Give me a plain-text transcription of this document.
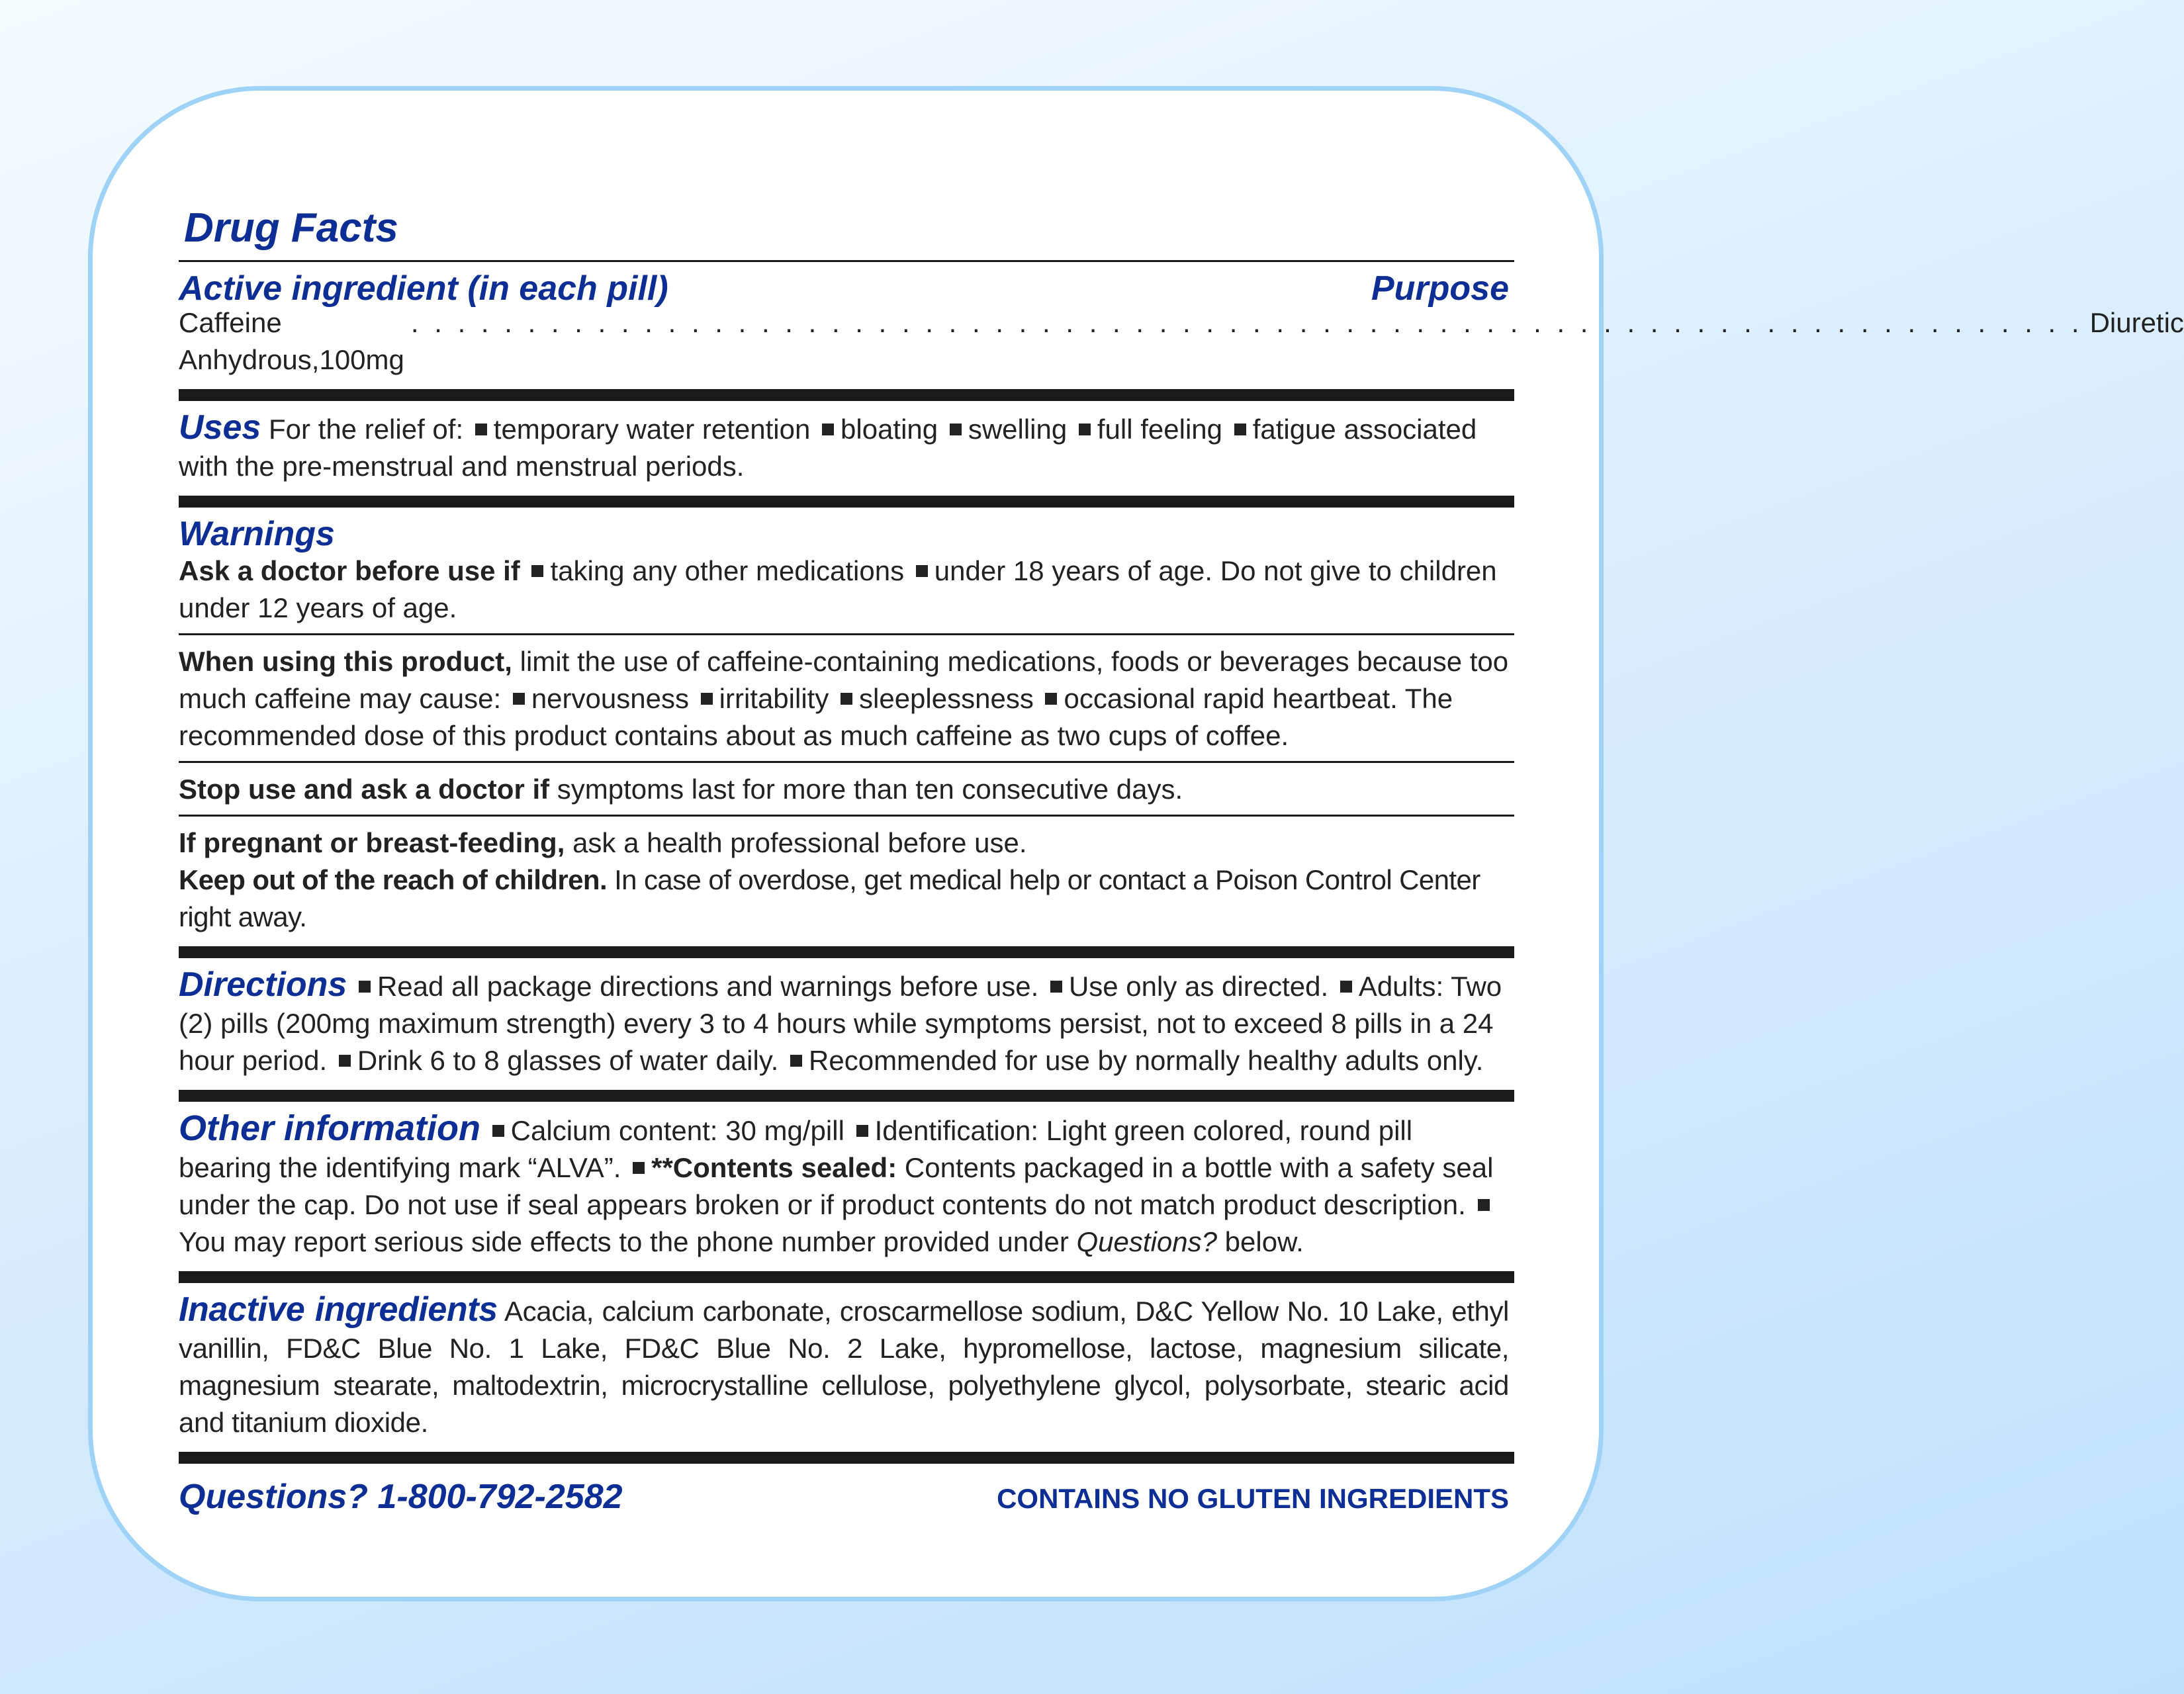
Drug Facts
Active ingredient (in each pill)	Purpose
Caffeine Anhydrous,100mg
. . . . . . . . . . . . . . . . . . . . . . . . . . . . . . . . . . . . . . . . . . . . . . . . . . . . . . . . . . . . . . . . . . . . . . . . Diuretic

Uses For the relief of: temporary water retention bloating swelling full feeling fatigue associated with the pre-menstrual and menstrual periods.

Warnings

Ask a doctor before use if taking any other medications under 18 years of age. Do not give to children under 12 years of age.

When using this product, limit the use of caffeine-containing medications, foods or beverages because too much caffeine may cause: nervousness irritability sleeplessness occasional rapid heartbeat. The recommended dose of this product contains about as much caffeine as two cups of coffee.

Stop use and ask a doctor if symptoms last for more than ten consecutive days.

If pregnant or breast-feeding, ask a health professional before use.

Keep out of the reach of children. In case of overdose, get medical help or contact a Poison Control Center right away.

Directions Read all package directions and warnings before use. Use only as directed. Adults: Two (2) pills (200mg maximum strength) every 3 to 4 hours while symptoms persist, not to exceed 8 pills in a 24 hour period. Drink 6 to 8 glasses of water daily. Recommended for use by normally healthy adults only.

Other information Calcium content: 30 mg/pill Identification: Light green colored, round pill bearing the identifying mark “ALVA”. **Contents sealed: Contents packaged in a bottle with a safety seal under the cap. Do not use if seal appears broken or if product contents do not match product description. You may report serious side effects to the phone number provided under Questions? below.

Inactive ingredients Acacia, calcium carbonate, croscarmellose sodium, D&C Yellow No. 10 Lake, ethyl vanillin, FD&C Blue No. 1 Lake, FD&C Blue No. 2 Lake, hypromellose, lactose, magnesium silicate, magnesium stearate, maltodextrin, microcrystalline cellulose, polyethylene glycol, polysorbate, stearic acid and titanium dioxide.

Questions? 1-800-792-2582	CONTAINS NO GLUTEN INGREDIENTS
